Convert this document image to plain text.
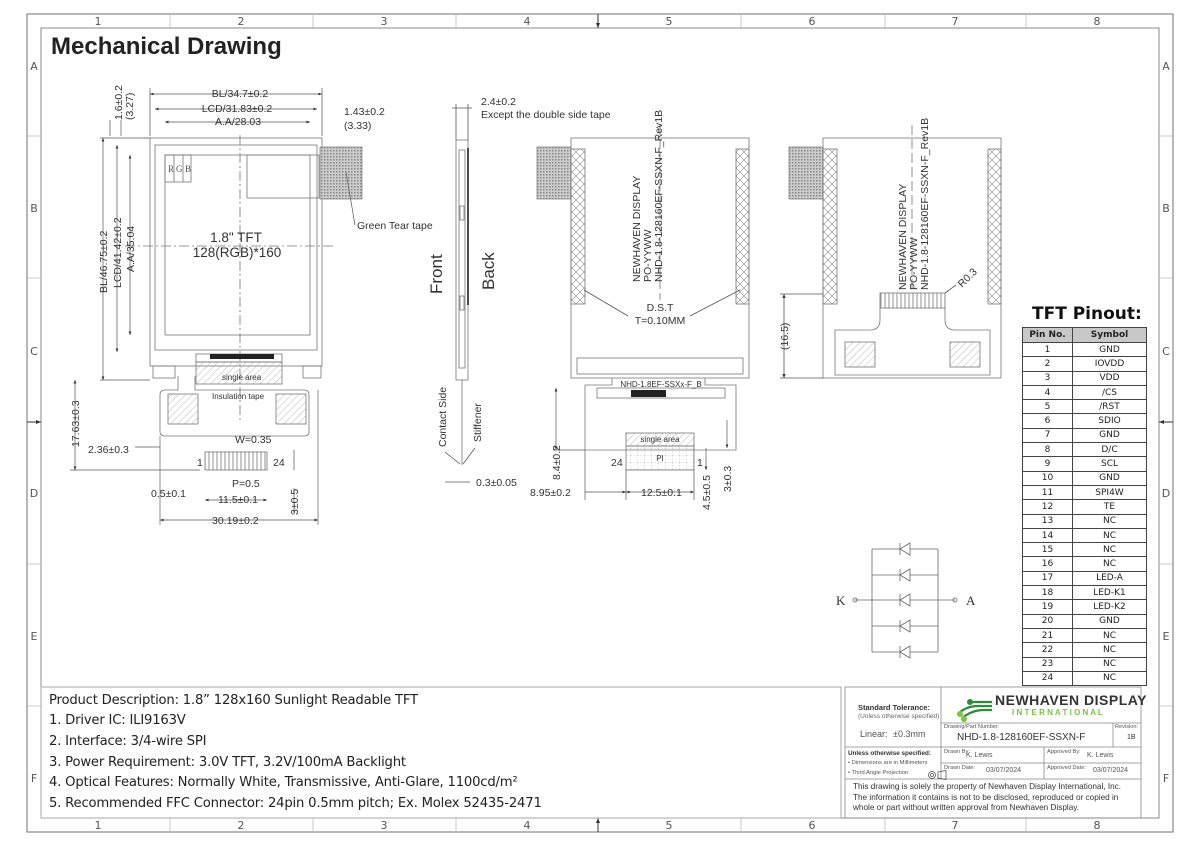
1	2	3	4	5	6	7	8
1	2	3	4	5	6	7	8
A
B
C
D
E
F
A
B
C
D
E
F
Mechanical Drawing
BL/34.7±0.2
LCD/31.83±0.2
A.A/28.03
1.43±0.2
(3.33)
1.6±0.2 (3.27)
BL/46.75±0.2 LCD/41.42±0.2 A.A/35.04
17.63±0.3
2.36±0.3
W=0.35
P=0.5
0.5±0.1	11.5±0.1	3±0.5
30.19±0.2
1	24
1.8" TFT
128(RGB)*160
R G B
Green Tear tape
single area
Insulation tape
2.4±0.2
Except the double side tape
Front Back
Contact Side Stiffener
0.3±0.05
NEWHAVEN DISPLAY PO-YYWW NHD-1.8-128160EF-SSXN-F_Rev1B
D.S.T
T=0.10MM
NHD-1.8EF-SSXx-F_B
single area
PI
24	1
8.4±0.2
8.95±0.2	12.5±0.1 4.5±0.5 3±0.3
NEWHAVEN DISPLAY PO-YYWW NHD-1.8-128160EF-SSXN-F_Rev1B R0.3
(16.5)
K	A
Product Description: 1.8” 128x160 Sunlight Readable TFT
1. Driver IC: ILI9163V
2. Interface: 3/4-wire SPI
3. Power Requirement: 3.0V TFT, 3.2V/100mA Backlight
4. Optical Features: Normally White, Transmissive, Anti-Glare, 1100cd/m²
5. Recommended FFC Connector: 24pin 0.5mm pitch; Ex. Molex 52435-2471
TFT Pinout:
Pin No.	Symbol
1	GND
2	IOVDD
3	VDD
4	/CS
5	/RST
6	SDIO
7	GND
8	D/C
9	SCL
10	GND
11	SPI4W
12	TE
13	NC
14	NC
15	NC
16	NC
17	LED-A
18	LED-K1
19	LED-K2
20	GND
21	NC
22	NC
23	NC
24	NC
Standard Tolerance:
(Unless otherwise specified)
Linear: ±0.3mm
Unless otherwise specified:
• Dimensions are in Millimeters
• Third Angle Projection
NEWHAVEN DISPLAY
I N T E R N A T I O N A L
Drawing/Part Number:
NHD-1.8-128160EF-SSXN-F
Revision:
1B
Drawn By:
K. Lewis	Approved By: K. Lewis
Drawn Date: 03/07/2024	Approved Date: 03/07/2024
This drawing is solely the property of Newhaven Display International, Inc. The information it contains is not to be disclosed, reproduced or copied in whole or part without written approval from Newhaven Display.
